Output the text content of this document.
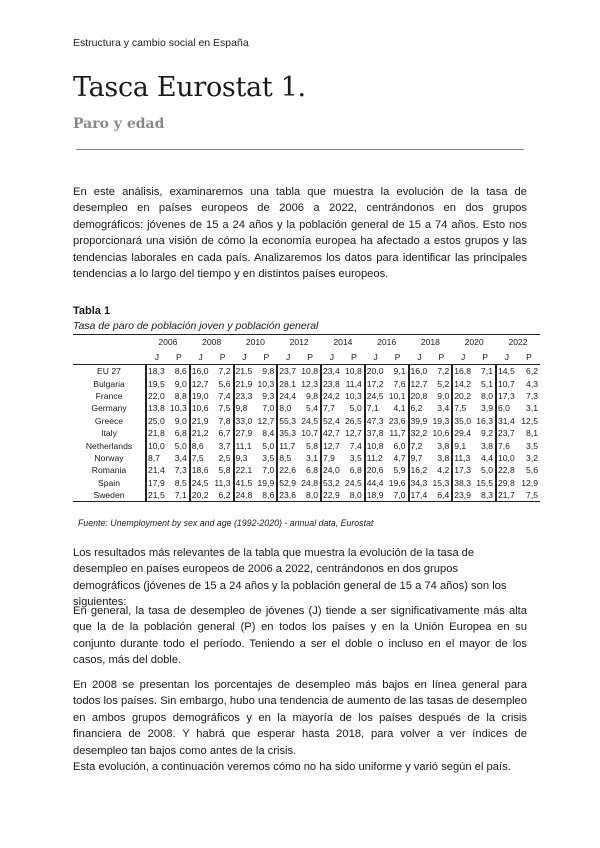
Estructura y cambio social en España
Tasca Eurostat 1.
Paro y edad

En este análisis, examinaremos una tabla que muestra la evolución de la tasa de desempleo en países europeos de 2006 a 2022, centrándonos en dos grupos demográficos: jóvenes de 15 a 24 años y la población general de 15 a 74 años. Esto nos proporcionará una visión de cómo la economía europea ha afectado a estos grupos y las tendencias laborales en cada país. Analizaremos los datos para identificar las principales tendencias a lo largo del tiempo y en distintos países europeos.

Tabla 1
Tasa de paro de población joven y población general
	2006		2008		2010		2012		2014		2016		2018		2020		2022	
	J	P	J	P	J	P	J	P	J	P	J	P	J	P	J	P	J	P
EU 27	18,3	8,6	16,0	7,2	21,5	9,8	23,7	10,8	23,4	10,8	20,0	9,1	16,0	7,2	16,8	7,1	14,5	6,2
Bulgaria	19,5	9,0	12,7	5,6	21,9	10,3	28,1	12,3	23,8	11,4	17,2	7,6	12,7	5,2	14,2	5,1	10,7	4,3
France	22,0	8,8	19,0	7,4	23,3	9,3	24,4	9,8	24,2	10,3	24,5	10,1	20,8	9,0	20,2	8,0	17,3	7,3
Germany	13,8	10,3	10,6	7,5	9,8	7,0	8,0	5,4	7,7	5,0	7,1	4,1	6,2	3,4	7,5	3,9	6,0	3,1
Greece	25,0	9,0	21,9	7,8	33,0	12,7	55,3	24,5	52,4	26,5	47,3	23,6	39,9	19,3	35,0	16,3	31,4	12,5
Italy	21,8	6,8	21,2	6,7	27,9	8,4	35,3	10,7	42,7	12,7	37,8	11,7	32,2	10,6	29,4	9,2	23,7	8,1
Netherlands	10,0	5,0	8,6	3,7	11,1	5,0	11,7	5,8	12,7	7,4	10,8	6,0	7,2	3,8	9,1	3,8	7,6	3,5
Norway	8,7	3,4	7,5	2,5	9,3	3,5	8,5	3,1	7,9	3,5	11,2	4,7	9,7	3,8	11,3	4,4	10,0	3,2
Romania	21,4	7,3	18,6	5,8	22,1	7,0	22,6	6,8	24,0	6,8	20,6	5,9	16,2	4,2	17,3	5,0	22,8	5,6
Spain	17,9	8,5	24,5	11,3	41,5	19,9	52,9	24,8	53,2	24,5	44,4	19,6	34,3	15,3	38,3	15,5	29,8	12,9
Sweden	21,5	7,1	20,2	6,2	24,8	8,6	23,6	8,0	22,9	8,0	18,9	7,0	17,4	6,4	23,9	8,3	21,7	7,5
Fuente: Unemployment by sex and age (1992-2020) - annual data, Eurostat

Los resultados más relevantes de la tabla que muestra la evolución de la tasa de desempleo en países europeos de 2006 a 2022, centrándonos en dos grupos demográficos (jóvenes de 15 a 24 años y la población general de 15 a 74 años) son los siguientes:

En general, la tasa de desempleo de jóvenes (J) tiende a ser significativamente más alta que la de la población general (P) en todos los países y en la Unión Europea en su conjunto durante todo el período. Teniendo a ser el doble o incluso en el mayor de los casos, más del doble.

En 2008 se presentan los porcentajes de desempleo más bajos en línea general para todos los países. Sin embargo, hubo una tendencia de aumento de las tasas de desempleo en ambos grupos demográficos y en la mayoría de los países después de la crisis financiera de 2008. Y habrá que esperar hasta 2018, para volver a ver índices de desempleo tan bajos como antes de la crisis.
Esta evolución, a continuación veremos cómo no ha sido uniforme y varió según el país.
